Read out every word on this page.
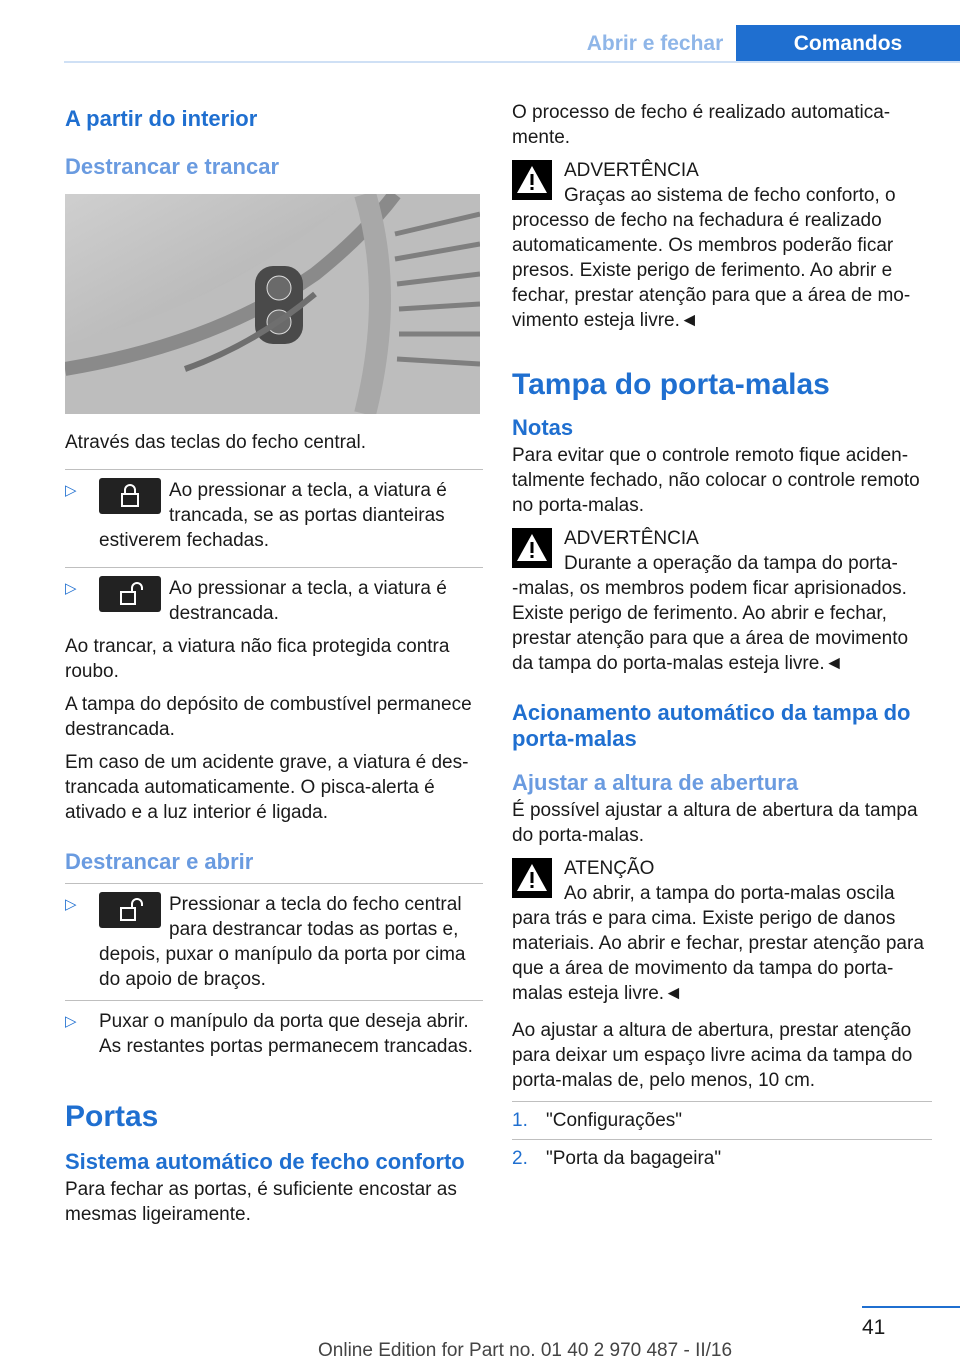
Abrir e fechar	Comandos
A partir do interior
Destrancar e trancar

Através das teclas do fecho central.

▷	Ao pressionar a tecla, a viatura é trancada, se as portas dianteiras estiverem fechadas.
▷	Ao pressionar a tecla, a viatura é destrancada.

Ao trancar, a viatura não fica protegida contra roubo.

A tampa do depósito de combustível permanece destrancada.

Em caso de um acidente grave, a viatura é destrancada automaticamente. O pisca-alerta é ativado e a luz interior é ligada.

Destrancar e abrir
▷	Pressionar a tecla do fecho central para destrancar todas as portas e, depois, puxar o manípulo da porta por cima do apoio de braços.
▷	Puxar o manípulo da porta que deseja abrir. As restantes portas permanecem trancadas.
Portas
Sistema automático de fecho conforto

Para fechar as portas, é suficiente encostar as mesmas ligeiramente.

O processo de fecho é realizado automaticamente.

ADVERTÊNCIA
Graças ao sistema de fecho conforto, o
processo de fecho na fechadura é realizado automaticamente. Os membros poderão ficar presos. Existe perigo de ferimento. Ao abrir e fechar, prestar atenção para que a área de movimento esteja livre.◄
Tampa do porta-malas
Notas

Para evitar que o controle remoto fique acidentalmente fechado, não colocar o controle remoto no porta-malas.

ADVERTÊNCIA
Durante a operação da tampa do porta-
-malas, os membros podem ficar aprisionados. Existe perigo de ferimento. Ao abrir e fechar, prestar atenção para que a área de movimento da tampa do porta-malas esteja livre.◄
Acionamento automático da tampa do porta-malas
Ajustar a altura de abertura

É possível ajustar a altura de abertura da tampa do porta-malas.

ATENÇÃO
Ao abrir, a tampa do porta-malas oscila
para trás e para cima. Existe perigo de danos materiais. Ao abrir e fechar, prestar atenção para que a área de movimento da tampa do porta-malas esteja livre.◄

Ao ajustar a altura de abertura, prestar atenção para deixar um espaço livre acima da tampa do porta-malas de, pelo menos, 10 cm.

1. "Configurações"
2. "Porta da bagageira"
41
Online Edition for Part no. 01 40 2 970 487 - II/16
